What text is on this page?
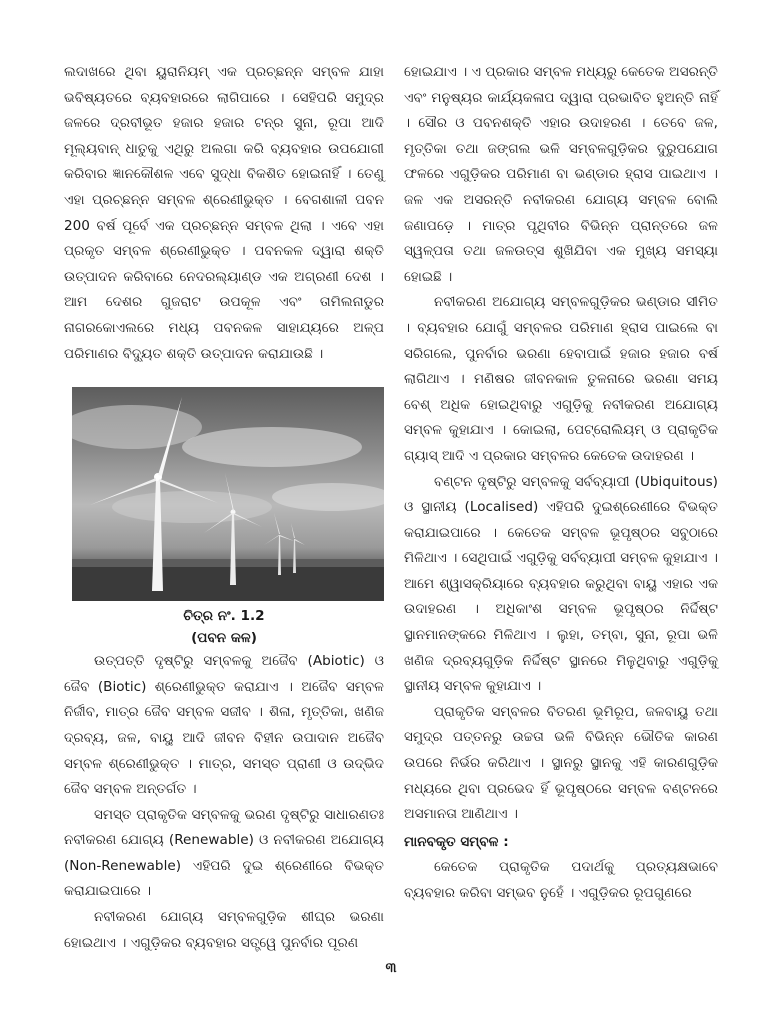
ଲଦାଖରେ ଥିବା ୟୁରାନିୟମ୍ ଏକ ପ୍ରଚ୍ଛନ୍ନ ସମ୍ବଳ ଯାହା ଭବିଷ୍ୟତରେ ବ୍ୟବହାରରେ ଲାଗିପାରେ । ସେହିପରି ସମୁଦ୍ର ଜଳରେ ଦ୍ରବୀଭୂତ ହଜାର ହଜାର ଟନ୍‌ର ସୁନା, ରୂପା ଆଦି ମୂଲ୍ୟବାନ୍ ଧାତୁକୁ ଏଥିରୁ ଅଲଗା କରି ବ୍ୟବହାର ଉପଯୋଗୀ କରିବାର ଜ୍ଞାନକୌଶଳ ଏବେ ସୁଦ୍ଧା ବିକଶିତ ହୋଇନାହିଁ । ତେଣୁ ଏହା ପ୍ରଚ୍ଛନ୍ନ ସମ୍ବଳ ଶ୍ରେଣୀଭୁକ୍ତ । ବେଗଶାଳୀ ପବନ 200 ବର୍ଷ ପୂର୍ବେ ଏକ ପ୍ରଚ୍ଛନ୍ନ ସମ୍ବଳ ଥିଲା । ଏବେ ଏହା ପ୍ରକୃତ ସମ୍ବଳ ଶ୍ରେଣୀଭୁକ୍ତ । ପବନକଳ ଦ୍ୱାରା ଶକ୍ତି ଉତ୍ପାଦନ କରିବାରେ ନେଦରଲ୍ୟାଣ୍ଡ ଏକ ଅଗ୍ରଣୀ ଦେଶ । ଆମ ଦେଶର ଗୁଜରାଟ ଉପକୂଳ ଏବଂ ତାମିଲନାଡୁର ନାଗରକୋଏଲରେ ମଧ୍ୟ ପବନକଳ ସାହାଯ୍ୟରେ ଅଳ୍ପ ପରିମାଣର ବିଦ୍ୟୁତ ଶକ୍ତି ଉତ୍ପାଦନ କରାଯାଉଛି ।

ଚିତ୍ର ନଂ. 1.2
(ପବନ କଳ)

ଉତ୍ପତ୍ତି ଦୃଷ୍ଟିରୁ ସମ୍ବଳକୁ ଅଜୈବ (Abiotic) ଓ ଜୈବ (Biotic) ଶ୍ରେଣୀଭୁକ୍ତ କରାଯାଏ । ଅଜୈବ ସମ୍ବଳ ନିର୍ଜୀବ, ମାତ୍ର ଜୈବ ସମ୍ବଳ ସଜୀବ । ଶିଳା, ମୃତ୍ତିକା, ଖଣିଜ ଦ୍ରବ୍ୟ, ଜଳ, ବାୟୁ ଆଦି ଜୀବନ ବିହୀନ ଉପାଦାନ ଅଜୈବ ସମ୍ବଳ ଶ୍ରେଣୀଭୁକ୍ତ । ମାତ୍ର, ସମସ୍ତ ପ୍ରାଣୀ ଓ ଉଦ୍ଭିଦ ଜୈବ ସମ୍ବଳ ଅନ୍ତର୍ଗତ ।

ସମସ୍ତ ପ୍ରାକୃତିକ ସମ୍ବଳକୁ ଭରଣ ଦୃଷ୍ଟିରୁ ସାଧାରଣତଃ ନବୀକରଣ ଯୋଗ୍ୟ (Renewable) ଓ ନବୀକରଣ ଅଯୋଗ୍ୟ (Non-Renewable) ଏହିପରି ଦୁଇ ଶ୍ରେଣୀରେ ବିଭକ୍ତ କରାଯାଇପାରେ ।

ନବୀକରଣ ଯୋଗ୍ୟ ସମ୍ବଳଗୁଡ଼ିକ ଶୀଘ୍ର ଭରଣା ହୋଇଥାଏ । ଏଗୁଡ଼ିକର ବ୍ୟବହାର ସତ୍ତ୍ୱେ ପୁନର୍ବାର ପୂରଣ

ହୋଇଯାଏ । ଏ ପ୍ରକାର ସମ୍ବଳ ମଧ୍ୟରୁ କେତେକ ଅସରନ୍ତି ଏବଂ ମନୁଷ୍ୟର କାର୍ଯ୍ୟକଳାପ ଦ୍ୱାରା ପ୍ରଭାବିତ ହୁଅନ୍ତି ନାହିଁ । ସୌର ଓ ପବନଶକ୍ତି ଏହାର ଉଦାହରଣ । ତେବେ ଜଳ, ମୃତ୍ତିକା ତଥା ଜଙ୍ଗଲ ଭଳି ସମ୍ବଳଗୁଡ଼ିକର ଦୁରୁପଯୋଗ ଫଳରେ ଏଗୁଡ଼ିକର ପରିମାଣ ବା ଭଣ୍ଡାର ହ୍ରାସ ପାଇଥାଏ । ଜଳ ଏକ ଅସରନ୍ତି ନବୀକରଣ ଯୋଗ୍ୟ ସମ୍ବଳ ବୋଲି ଜଣାପଡ଼େ । ମାତ୍ର ପୃଥିବୀର ବିଭିନ୍ନ ପ୍ରାନ୍ତରେ ଜଳ ସ୍ୱଳ୍ପତା ତଥା ଜଳଉତ୍ସ ଶୁଖିଯିବା ଏକ ମୁଖ୍ୟ ସମସ୍ୟା ହୋଇଛି ।

ନବୀକରଣ ଅଯୋଗ୍ୟ ସମ୍ବଳଗୁଡ଼ିକର ଭଣ୍ଡାର ସୀମିତ । ବ୍ୟବହାର ଯୋଗୁଁ ସମ୍ବଳର ପରିମାଣ ହ୍ରାସ ପାଇଲେ ବା ସରିଗଲେ, ପୁନର୍ବାର ଭରଣା ହେବାପାଇଁ ହଜାର ହଜାର ବର୍ଷ ଲାଗିଥାଏ । ମଣିଷର ଜୀବନକାଳ ତୁଳନାରେ ଭରଣା ସମୟ ବେଶ୍ ଅଧିକ ହୋଇଥିବାରୁ ଏଗୁଡ଼ିକୁ ନବୀକରଣ ଅଯୋଗ୍ୟ ସମ୍ବଳ କୁହାଯାଏ । କୋଇଲା, ପେଟ୍ରୋଲିୟମ୍ ଓ ପ୍ରାକୃତିକ ଗ୍ୟାସ୍ ଆଦି ଏ ପ୍ରକାର ସମ୍ବଳର କେତେକ ଉଦାହରଣ ।

ବଣ୍ଟନ ଦୃଷ୍ଟିରୁ ସମ୍ବଳକୁ ସର୍ବବ୍ୟାପୀ (Ubiquitous) ଓ ସ୍ଥାନୀୟ (Localised) ଏହିପରି ଦୁଇଶ୍ରେଣୀରେ ବିଭକ୍ତ କରାଯାଇପାରେ । କେତେକ ସମ୍ବଳ ଭୂପୃଷ୍ଠର ସବୁଠାରେ ମିଳିଥାଏ । ସେଥିପାଇଁ ଏଗୁଡ଼ିକୁ ସର୍ବବ୍ୟାପୀ ସମ୍ବଳ କୁହାଯାଏ । ଆମେ ଶ୍ୱାସକ୍ରିୟାରେ ବ୍ୟବହାର କରୁଥିବା ବାୟୁ ଏହାର ଏକ ଉଦାହରଣ । ଅଧିକାଂଶ ସମ୍ବଳ ଭୂପୃଷ୍ଠର ନିର୍ଦ୍ଦିଷ୍ଟ ସ୍ଥାନମାନଙ୍କରେ ମିଳିଥାଏ । ଲୁହା, ତମ୍ବା, ସୁନା, ରୂପା ଭଳି ଖଣିଜ ଦ୍ରବ୍ୟଗୁଡ଼ିକ ନିର୍ଦ୍ଦିଷ୍ଟ ସ୍ଥାନରେ ମିଳୁଥିବାରୁ ଏଗୁଡ଼ିକୁ ସ୍ଥାନୀୟ ସମ୍ବଳ କୁହାଯାଏ ।

ପ୍ରାକୃତିକ ସମ୍ବଳର ବିତରଣ ଭୂମିରୂପ, ଜଳବାୟୁ ତଥା ସମୁଦ୍ର ପତ୍ତନରୁ ଉଚ୍ଚତା ଭଳି ବିଭିନ୍ନ ଭୌତିକ କାରଣ ଉପରେ ନିର୍ଭର କରିଥାଏ । ସ୍ଥାନରୁ ସ୍ଥାନକୁ ଏହି କାରଣଗୁଡ଼ିକ ମଧ୍ୟରେ ଥିବା ପ୍ରଭେଦ ହିଁ ଭୂପୃଷ୍ଠରେ ସମ୍ବଳ ବଣ୍ଟନରେ ଅସମାନତା ଆଣିଥାଏ ।

ମାନବକୃତ ସମ୍ବଳ :

କେତେକ ପ୍ରାକୃତିକ ପଦାର୍ଥକୁ ପ୍ରତ୍ୟକ୍ଷଭାବେ ବ୍ୟବହାର କରିବା ସମ୍ଭବ ନୁହେଁ । ଏଗୁଡ଼ିକର ରୂପଗୁଣରେ

୩
